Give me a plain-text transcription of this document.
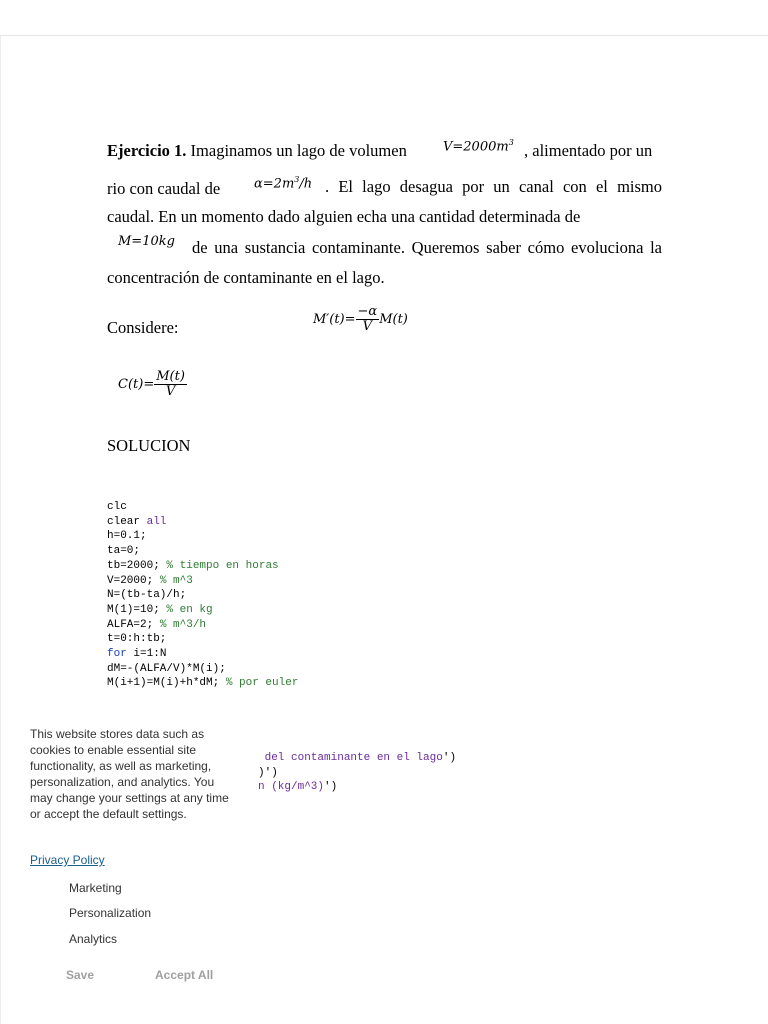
Ejercicio 1. Imaginamos un lago de volumen	$V=2000m^3$ , alimentado por un
rio con caudal de	$\alpha=2m^3/h$ . El lago desagua por un canal con el mismo caudal. En un momento dado alguien echa una cantidad determinada de
M=10kg	de una sustancia contaminante. Queremos saber cómo evoluciona la concentración de contaminante en el lago.
Considere:	$M'(t)= \frac{-\alpha}{V} M(t)$
$C(t)= \frac{M(t)}{V}$
SOLUCION
clc
clear all
h=0.1;
ta=0;
tb=2000; % tiempo en horas
V=2000; % m^3
N=(tb-ta)/h;
M(1)=10; % en kg
ALFA=2; % m^3/h
t=0:h:tb;
for i=1:N
dM=-(ALFA/V)*M(i);
M(i+1)=M(i)+h*dM; % por euler
del contaminante en el lago')
)')
n (kg/m^3)')
This website stores data such as cookies to enable essential site functionality, as well as marketing, personalization, and analytics. You may change your settings at any time or accept the default settings.
Privacy Policy
Marketing
Personalization
Analytics
Save	Accept All
